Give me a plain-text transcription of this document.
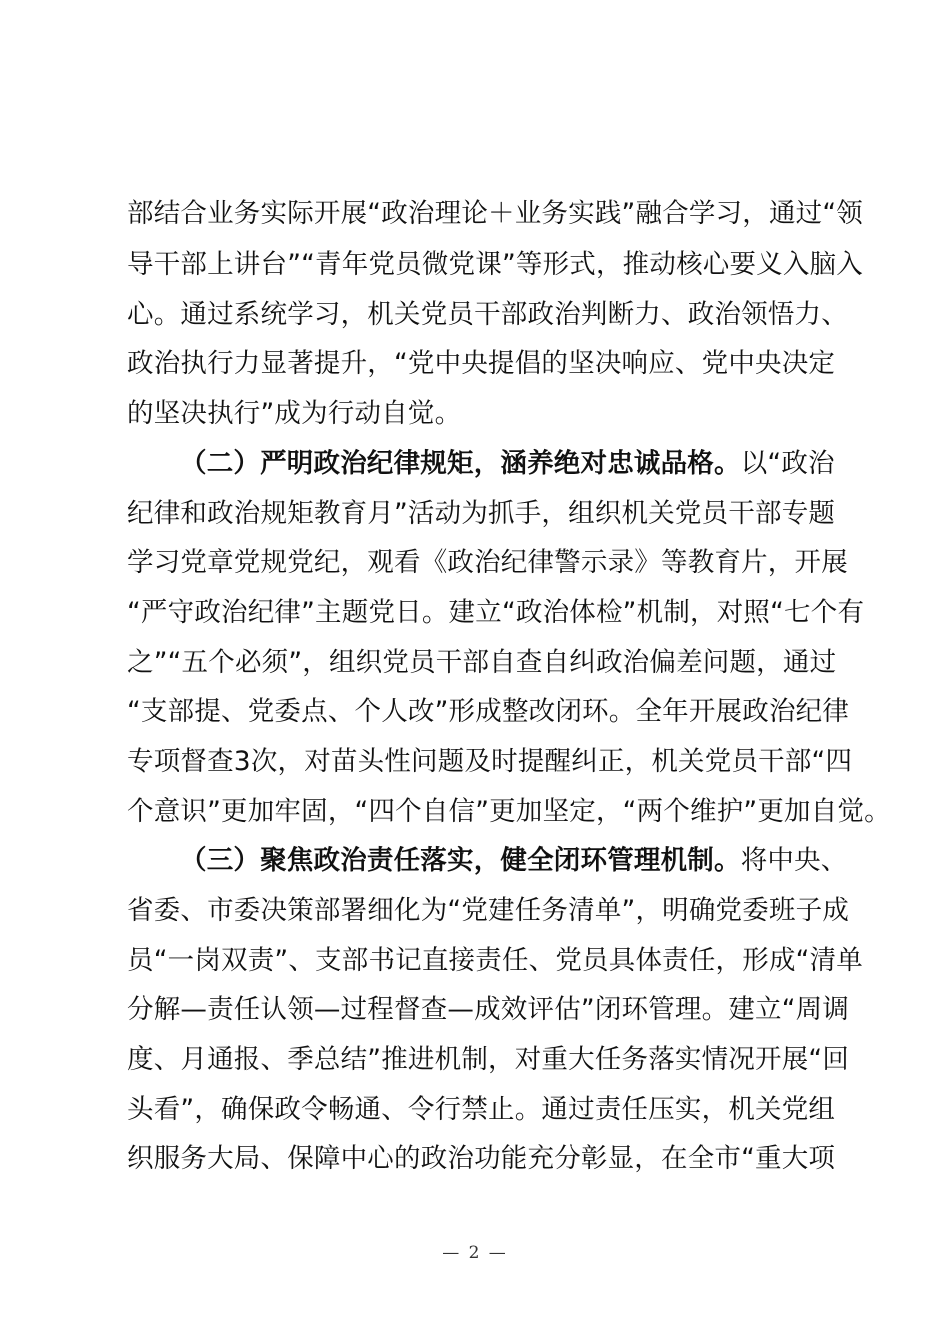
部结合业务实际开展“政治理论＋业务实践”融合学习，通过“领
导干部上讲台”“青年党员微党课”等形式，推动核心要义入脑入
心。通过系统学习，机关党员干部政治判断力、政治领悟力、
政治执行力显著提升，“党中央提倡的坚决响应、党中央决定
的坚决执行”成为行动自觉。
（二）严明政治纪律规矩，涵养绝对忠诚品格。以“政治
纪律和政治规矩教育月”活动为抓手，组织机关党员干部专题
学习党章党规党纪，观看《政治纪律警示录》等教育片，开展
“严守政治纪律”主题党日。建立“政治体检”机制，对照“七个有
之”“五个必须”，组织党员干部自查自纠政治偏差问题，通过
“支部提、党委点、个人改”形成整改闭环。全年开展政治纪律
专项督查3次，对苗头性问题及时提醒纠正，机关党员干部“四
个意识”更加牢固，“四个自信”更加坚定，“两个维护”更加自觉。
（三）聚焦政治责任落实，健全闭环管理机制。将中央、
省委、市委决策部署细化为“党建任务清单”，明确党委班子成
员“一岗双责”、支部书记直接责任、党员具体责任，形成“清单
分解—责任认领—过程督查—成效评估”闭环管理。建立“周调
度、月通报、季总结”推进机制，对重大任务落实情况开展“回
头看”，确保政令畅通、令行禁止。通过责任压实，机关党组
织服务大局、保障中心的政治功能充分彰显，在全市“重大项
— 2 —
